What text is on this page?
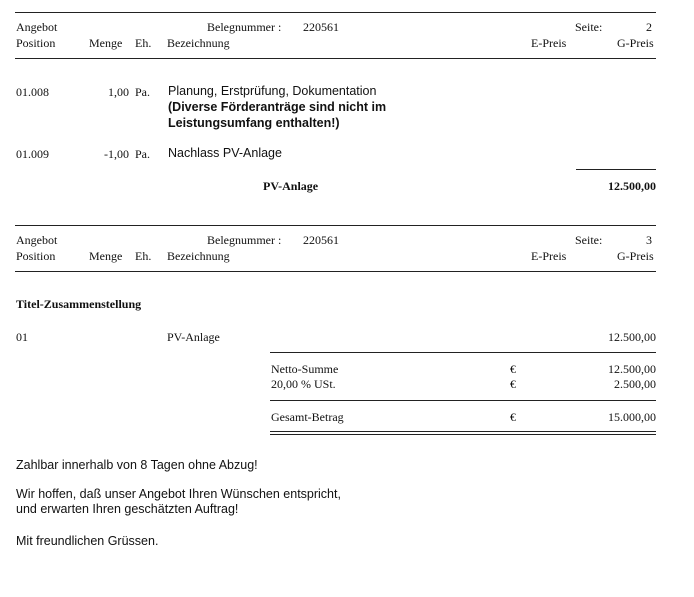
Angebot	Belegnummer : 220561	Seite:	2
Position	Menge Eh. Bezeichnung	E-Preis	G-Preis
01.008	1,00 Pa. Planung, Erstprüfung, Dokumentation
(Diverse Förderanträge sind nicht im
Leistungsumfang enthalten!)
01.009	-1,00 Pa. Nachlass PV-Anlage
PV-Anlage	12.500,00
Angebot	Belegnummer : 220561	Seite:	3
Position	Menge Eh. Bezeichnung	E-Preis	G-Preis
Titel-Zusammenstellung
01	PV-Anlage	12.500,00
Netto-Summe	€	12.500,00
20,00 % USt.	€	2.500,00
Gesamt-Betrag	€	15.000,00
Zahlbar innerhalb von 8 Tagen ohne Abzug!
Wir hoffen, daß unser Angebot Ihren Wünschen entspricht,
und erwarten Ihren geschätzten Auftrag!
Mit freundlichen Grüssen.
